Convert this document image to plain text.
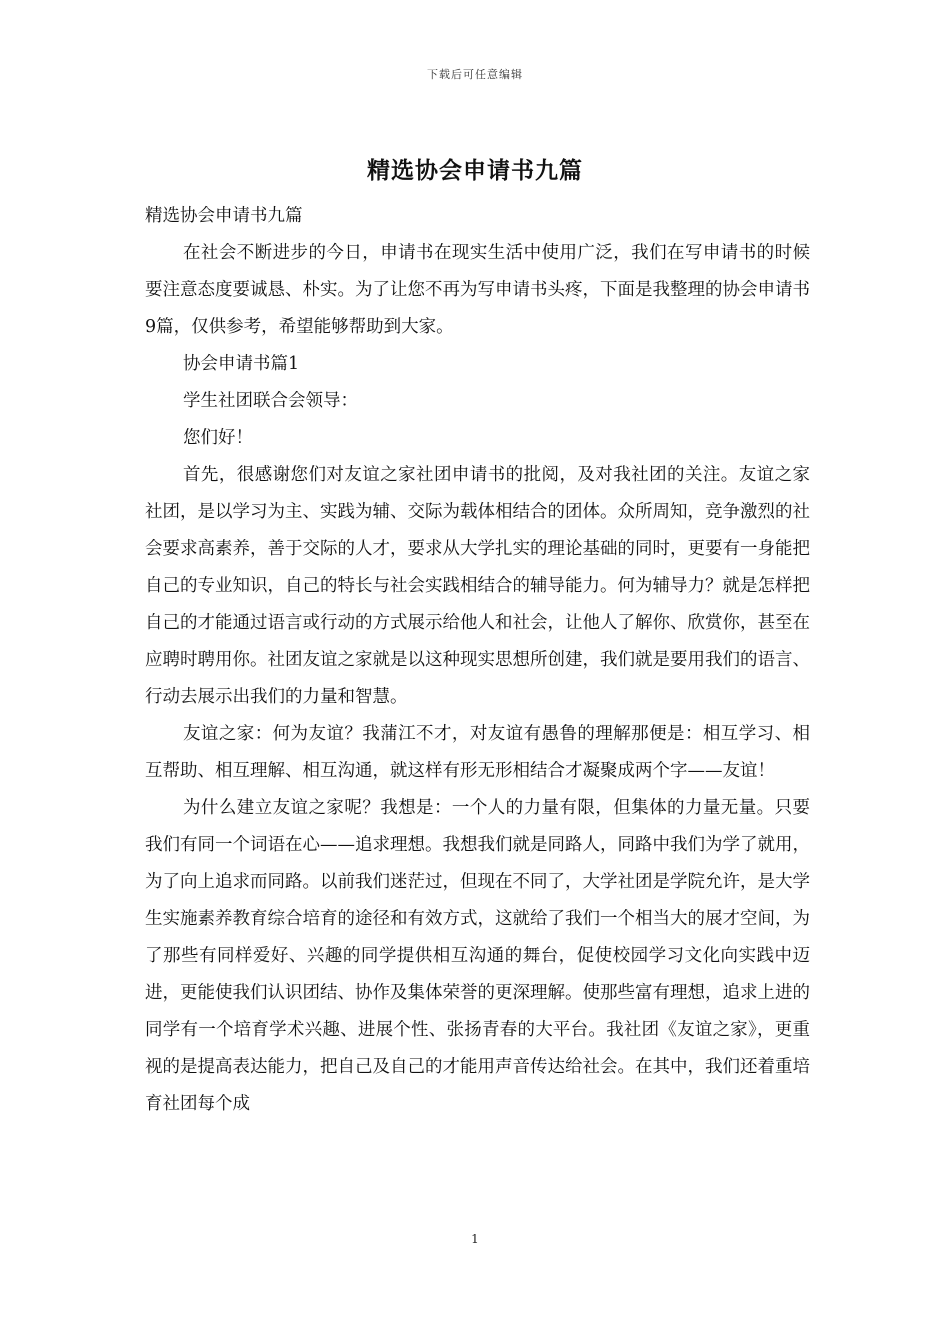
下载后可任意编辑
精选协会申请书九篇

精选协会申请书九篇

在社会不断进步的今日，申请书在现实生活中使用广泛，我们在写申请书的时候要注意态度要诚恳、朴实。为了让您不再为写申请书头疼，下面是我整理的协会申请书9篇，仅供参考，希望能够帮助到大家。

协会申请书篇1

学生社团联合会领导：

您们好！

首先，很感谢您们对友谊之家社团申请书的批阅，及对我社团的关注。友谊之家社团，是以学习为主、实践为辅、交际为载体相结合的团体。众所周知，竞争激烈的社会要求高素养，善于交际的人才，要求从大学扎实的理论基础的同时，更要有一身能把自己的专业知识，自己的特长与社会实践相结合的辅导能力。何为辅导力？就是怎样把自己的才能通过语言或行动的方式展示给他人和社会，让他人了解你、欣赏你，甚至在应聘时聘用你。社团友谊之家就是以这种现实思想所创建，我们就是要用我们的语言、行动去展示出我们的力量和智慧。

友谊之家：何为友谊？我蒲江不才，对友谊有愚鲁的理解那便是：相互学习、相互帮助、相互理解、相互沟通，就这样有形无形相结合才凝聚成两个字——友谊！

为什么建立友谊之家呢？我想是：一个人的力量有限，但集体的力量无量。只要我们有同一个词语在心——追求理想。我想我们就是同路人，同路中我们为学了就用，为了向上追求而同路。以前我们迷茫过，但现在不同了，大学社团是学院允许，是大学生实施素养教育综合培育的途径和有效方式，这就给了我们一个相当大的展才空间，为了那些有同样爱好、兴趣的同学提供相互沟通的舞台，促使校园学习文化向实践中迈进，更能使我们认识团结、协作及集体荣誉的更深理解。使那些富有理想，追求上进的同学有一个培育学术兴趣、进展个性、张扬青春的大平台。我社团《友谊之家》，更重视的是提高表达能力，把自己及自己的才能用声音传达给社会。在其中，我们还着重培育社团每个成

1
